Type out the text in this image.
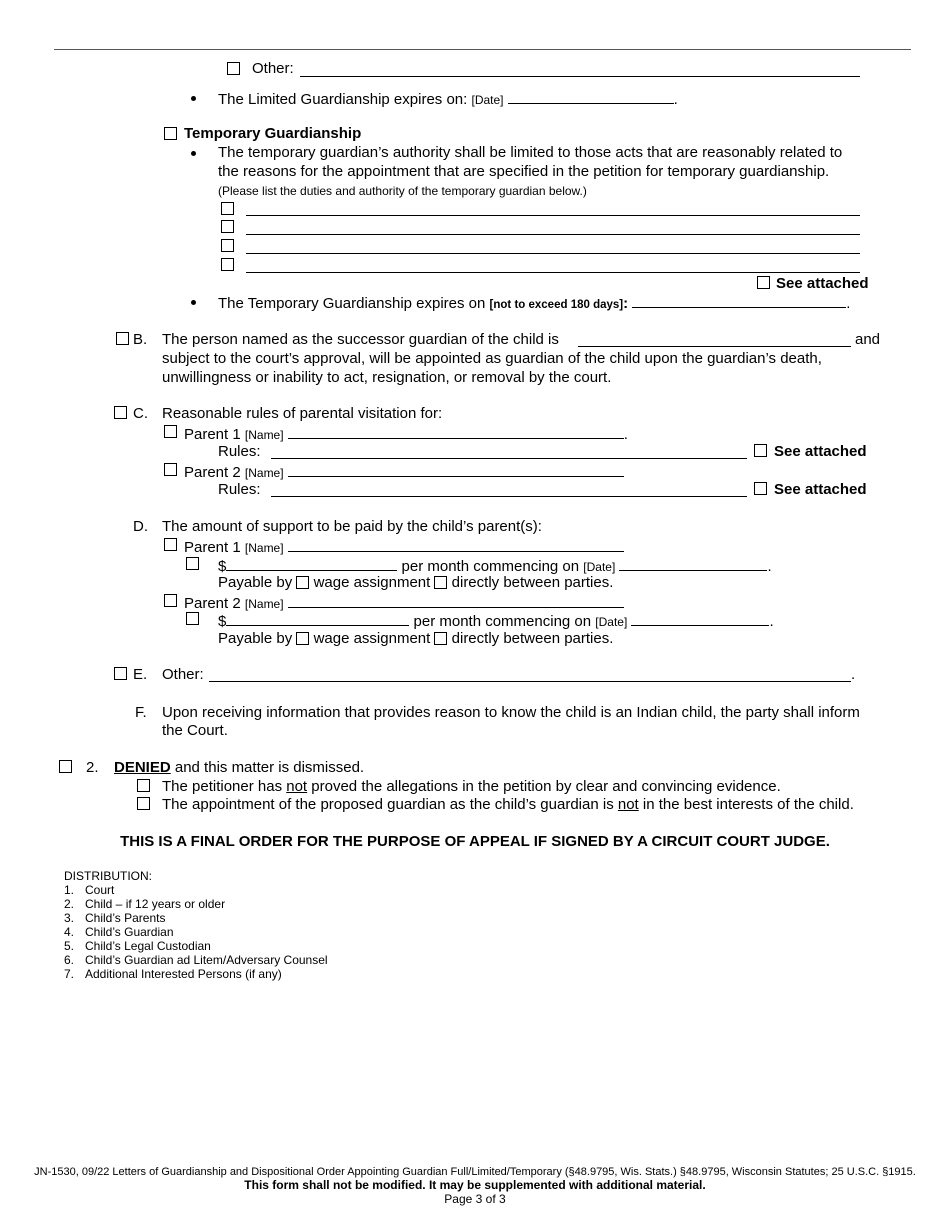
Other:
The Limited Guardianship expires on: [Date]	.
Temporary Guardianship
The temporary guardian’s authority shall be limited to those acts that are reasonably related to
the reasons for the appointment that are specified in the petition for temporary guardianship.
(Please list the duties and authority of the temporary guardian below.)
See attached
The Temporary Guardianship expires on [not to exceed 180 days]:	.
B. The person named as the successor guardian of the child is	and
subject to the court’s approval, will be appointed as guardian of the child upon the guardian’s death,
unwillingness or inability to act, resignation, or removal by the court.
C. Reasonable rules of parental visitation for:
Parent 1 [Name]	.
Rules:	See attached
Parent 2 [Name]
Rules:	See attached
D. The amount of support to be paid by the child’s parent(s):
Parent 1 [Name]
$	per month commencing on [Date]	.
Payable by wage assignment directly between parties.
Parent 2 [Name]
$	per month commencing on [Date]	.
Payable by wage assignment directly between parties.
E. Other:	.
F. Upon receiving information that provides reason to know the child is an Indian child, the party shall inform
the Court.
2. DENIED and this matter is dismissed.
The petitioner has not proved the allegations in the petition by clear and convincing evidence.
The appointment of the proposed guardian as the child’s guardian is not in the best interests of the child.
THIS IS A FINAL ORDER FOR THE PURPOSE OF APPEAL IF SIGNED BY A CIRCUIT COURT JUDGE.
DISTRIBUTION:
1. Court
2. Child – if 12 years or older
3. Child’s Parents
4. Child’s Guardian
5. Child’s Legal Custodian
6. Child’s Guardian ad Litem/Adversary Counsel
7. Additional Interested Persons (if any)
JN-1530, 09/22 Letters of Guardianship and Dispositional Order Appointing Guardian Full/Limited/Temporary (§48.9795, Wis. Stats.) §48.9795, Wisconsin Statutes; 25 U.S.C. §1915.
This form shall not be modified. It may be supplemented with additional material.
Page 3 of 3
